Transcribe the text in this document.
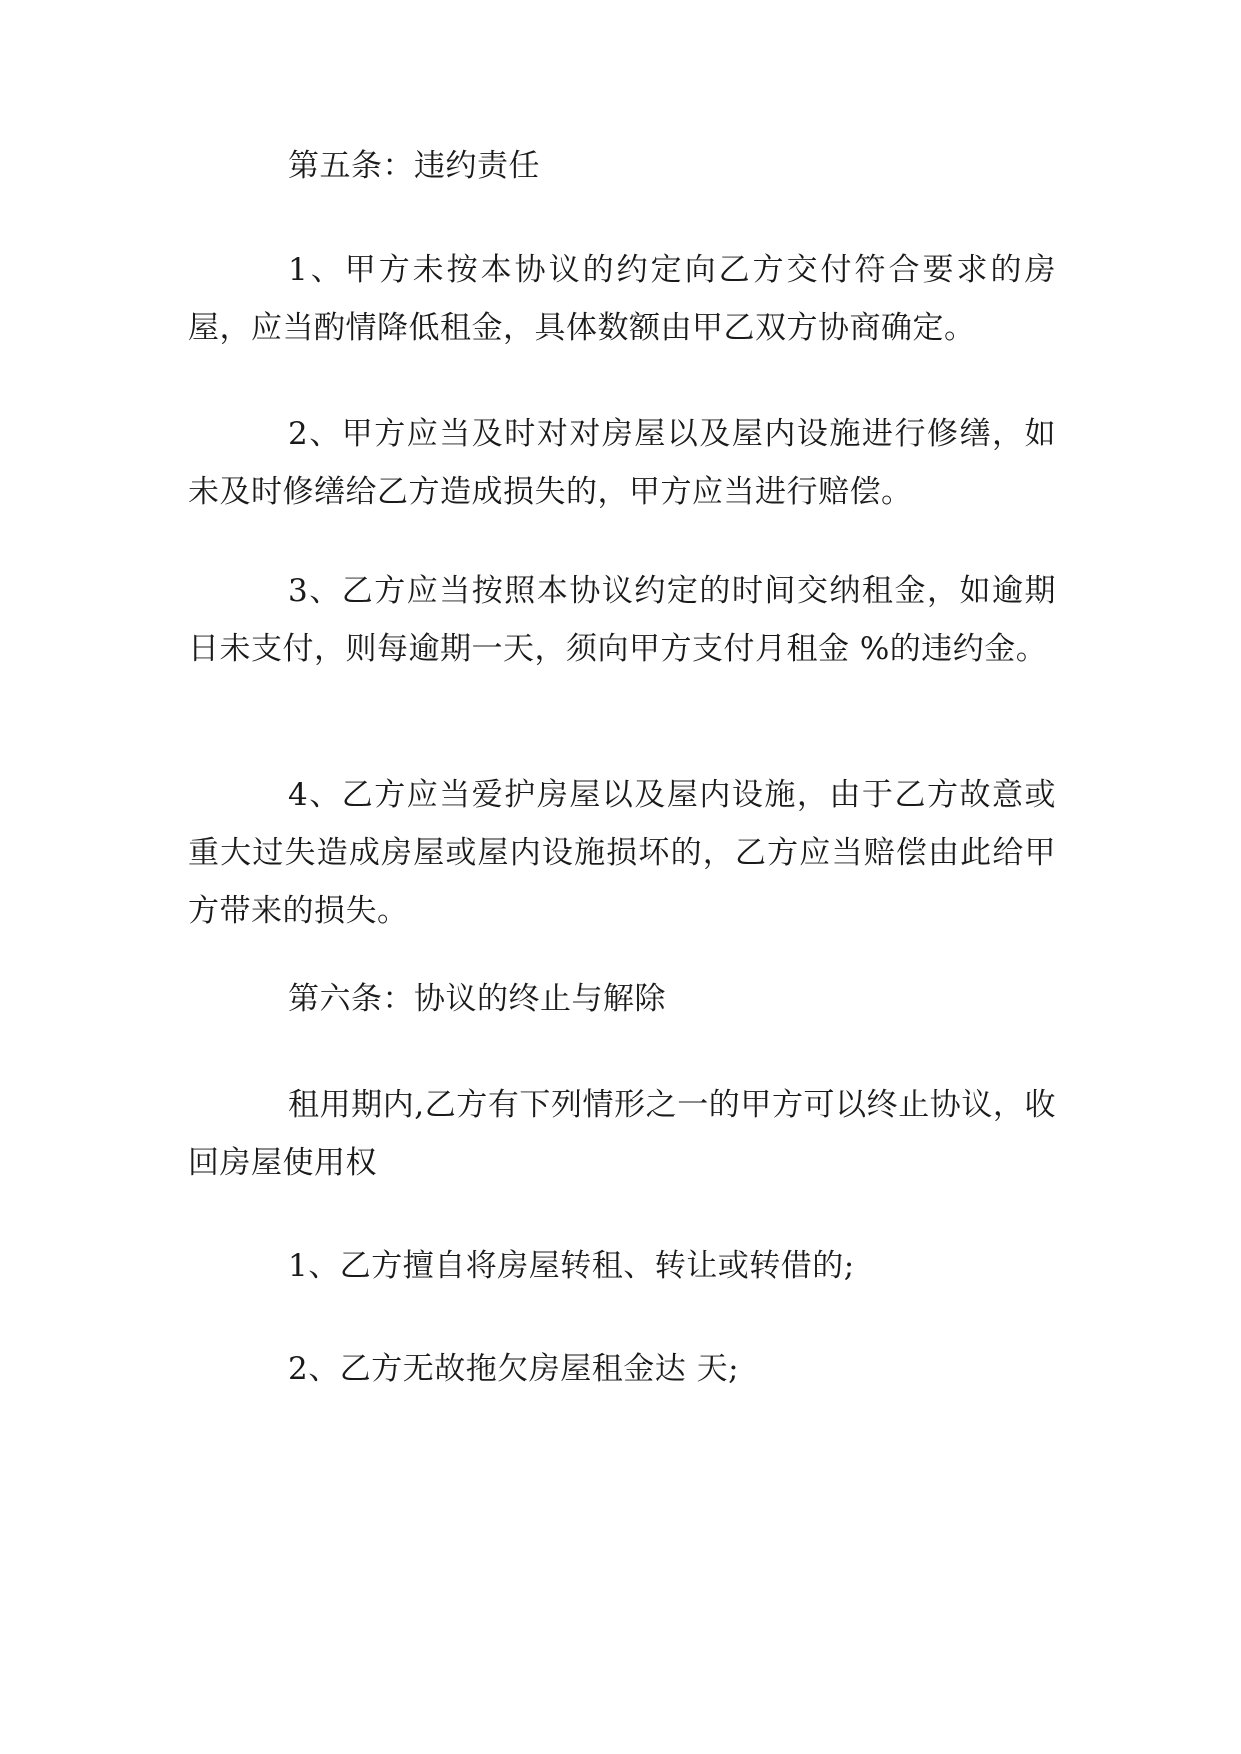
第五条：违约责任

1、甲方未按本协议的约定向乙方交付符合要求的房屋，应当酌情降低租金，具体数额由甲乙双方协商确定。

2、甲方应当及时对对房屋以及屋内设施进行修缮，如未及时修缮给乙方造成损失的，甲方应当进行赔偿。

3、乙方应当按照本协议约定的时间交纳租金，如逾期 日未支付，则每逾期一天，须向甲方支付月租金 %的违约金。

4、乙方应当爱护房屋以及屋内设施，由于乙方故意或重大过失造成房屋或屋内设施损坏的，乙方应当赔偿由此给甲方带来的损失。

第六条：协议的终止与解除

租用期内,乙方有下列情形之一的甲方可以终止协议，收回房屋使用权

1、乙方擅自将房屋转租、转让或转借的;

2、乙方无故拖欠房屋租金达 天;
